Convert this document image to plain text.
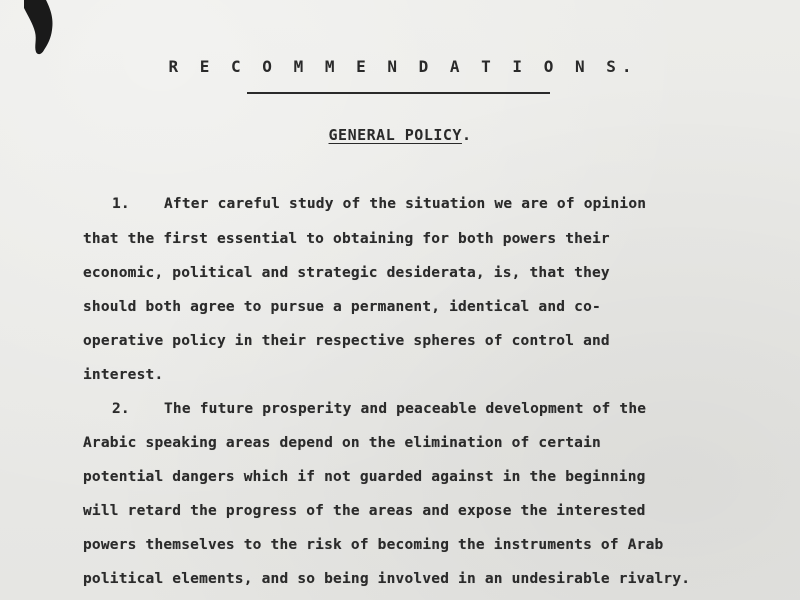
R E C O M M E N D A T I O N S.
GENERAL POLICY.
1. After careful study of the situation we are of opinion
that the first essential to obtaining for both powers their
economic, political and strategic desiderata, is, that they
should both agree to pursue a permanent, identical and co-
operative policy in their respective spheres of control and
interest.
2. The future prosperity and peaceable development of the
Arabic speaking areas depend on the elimination of certain
potential dangers which if not guarded against in the beginning
will retard the progress of the areas and expose the interested
powers themselves to the risk of becoming the instruments of Arab
political elements, and so being involved in an undesirable rivalry.
